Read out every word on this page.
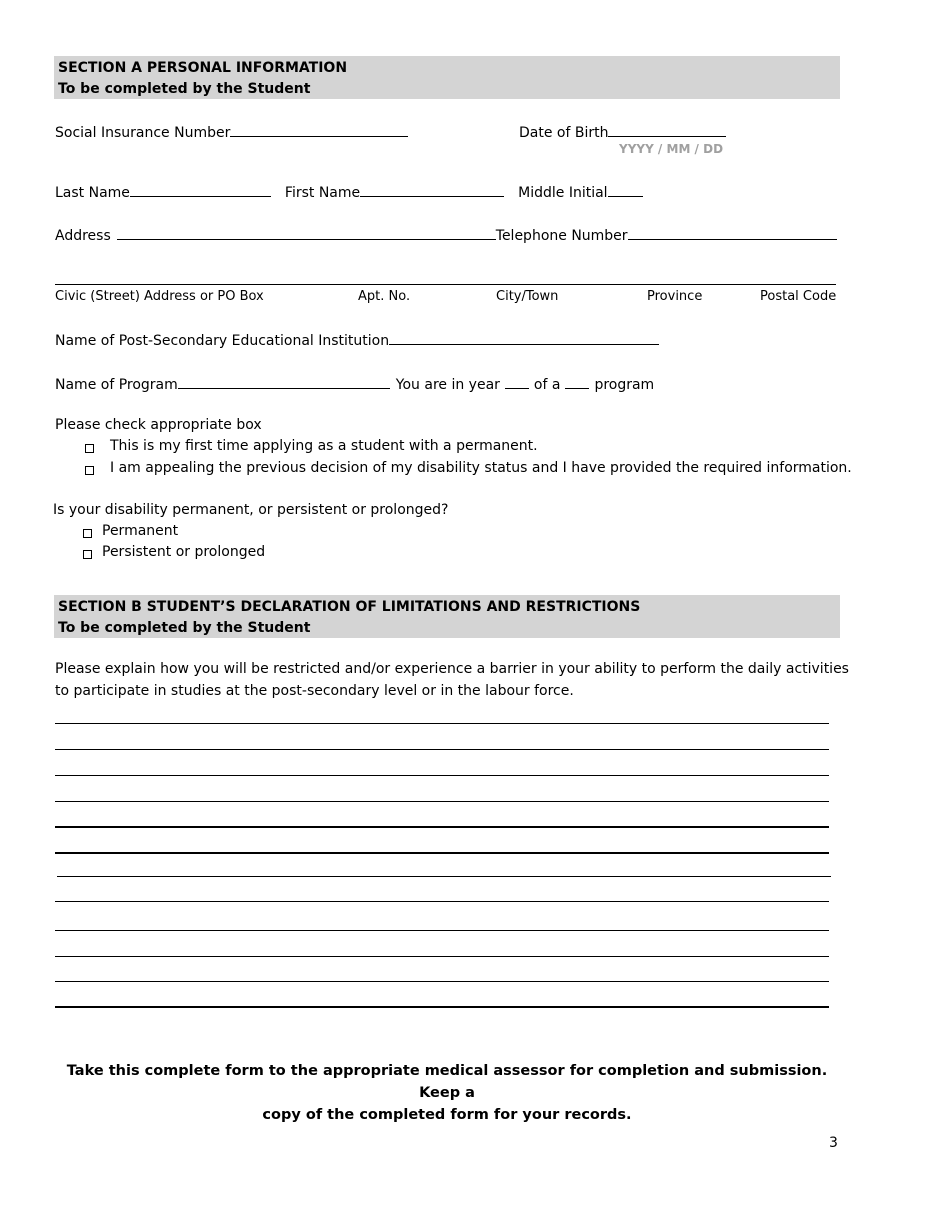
SECTION A PERSONAL INFORMATION
To be completed by the Student
Social Insurance Number	Date of Birth
YYYY / MM / DD
Last Name	First Name	Middle Initial
Address	Telephone Number
Civic (Street) Address or PO Box	Apt. No.	City/Town	Province	Postal Code
Name of Post-Secondary Educational Institution
Name of Program	You are in year of a program
Please check appropriate box
This is my first time applying as a student with a permanent.
I am appealing the previous decision of my disability status and I have provided the required information.
Is your disability permanent, or persistent or prolonged?
Permanent
Persistent or prolonged
SECTION B STUDENT’S DECLARATION OF LIMITATIONS AND RESTRICTIONS
To be completed by the Student
Please explain how you will be restricted and/or experience a barrier in your ability to perform the daily activities
to participate in studies at the post-secondary level or in the labour force.
Take this complete form to the appropriate medical assessor for completion and submission. Keep a
copy of the completed form for your records.
3
